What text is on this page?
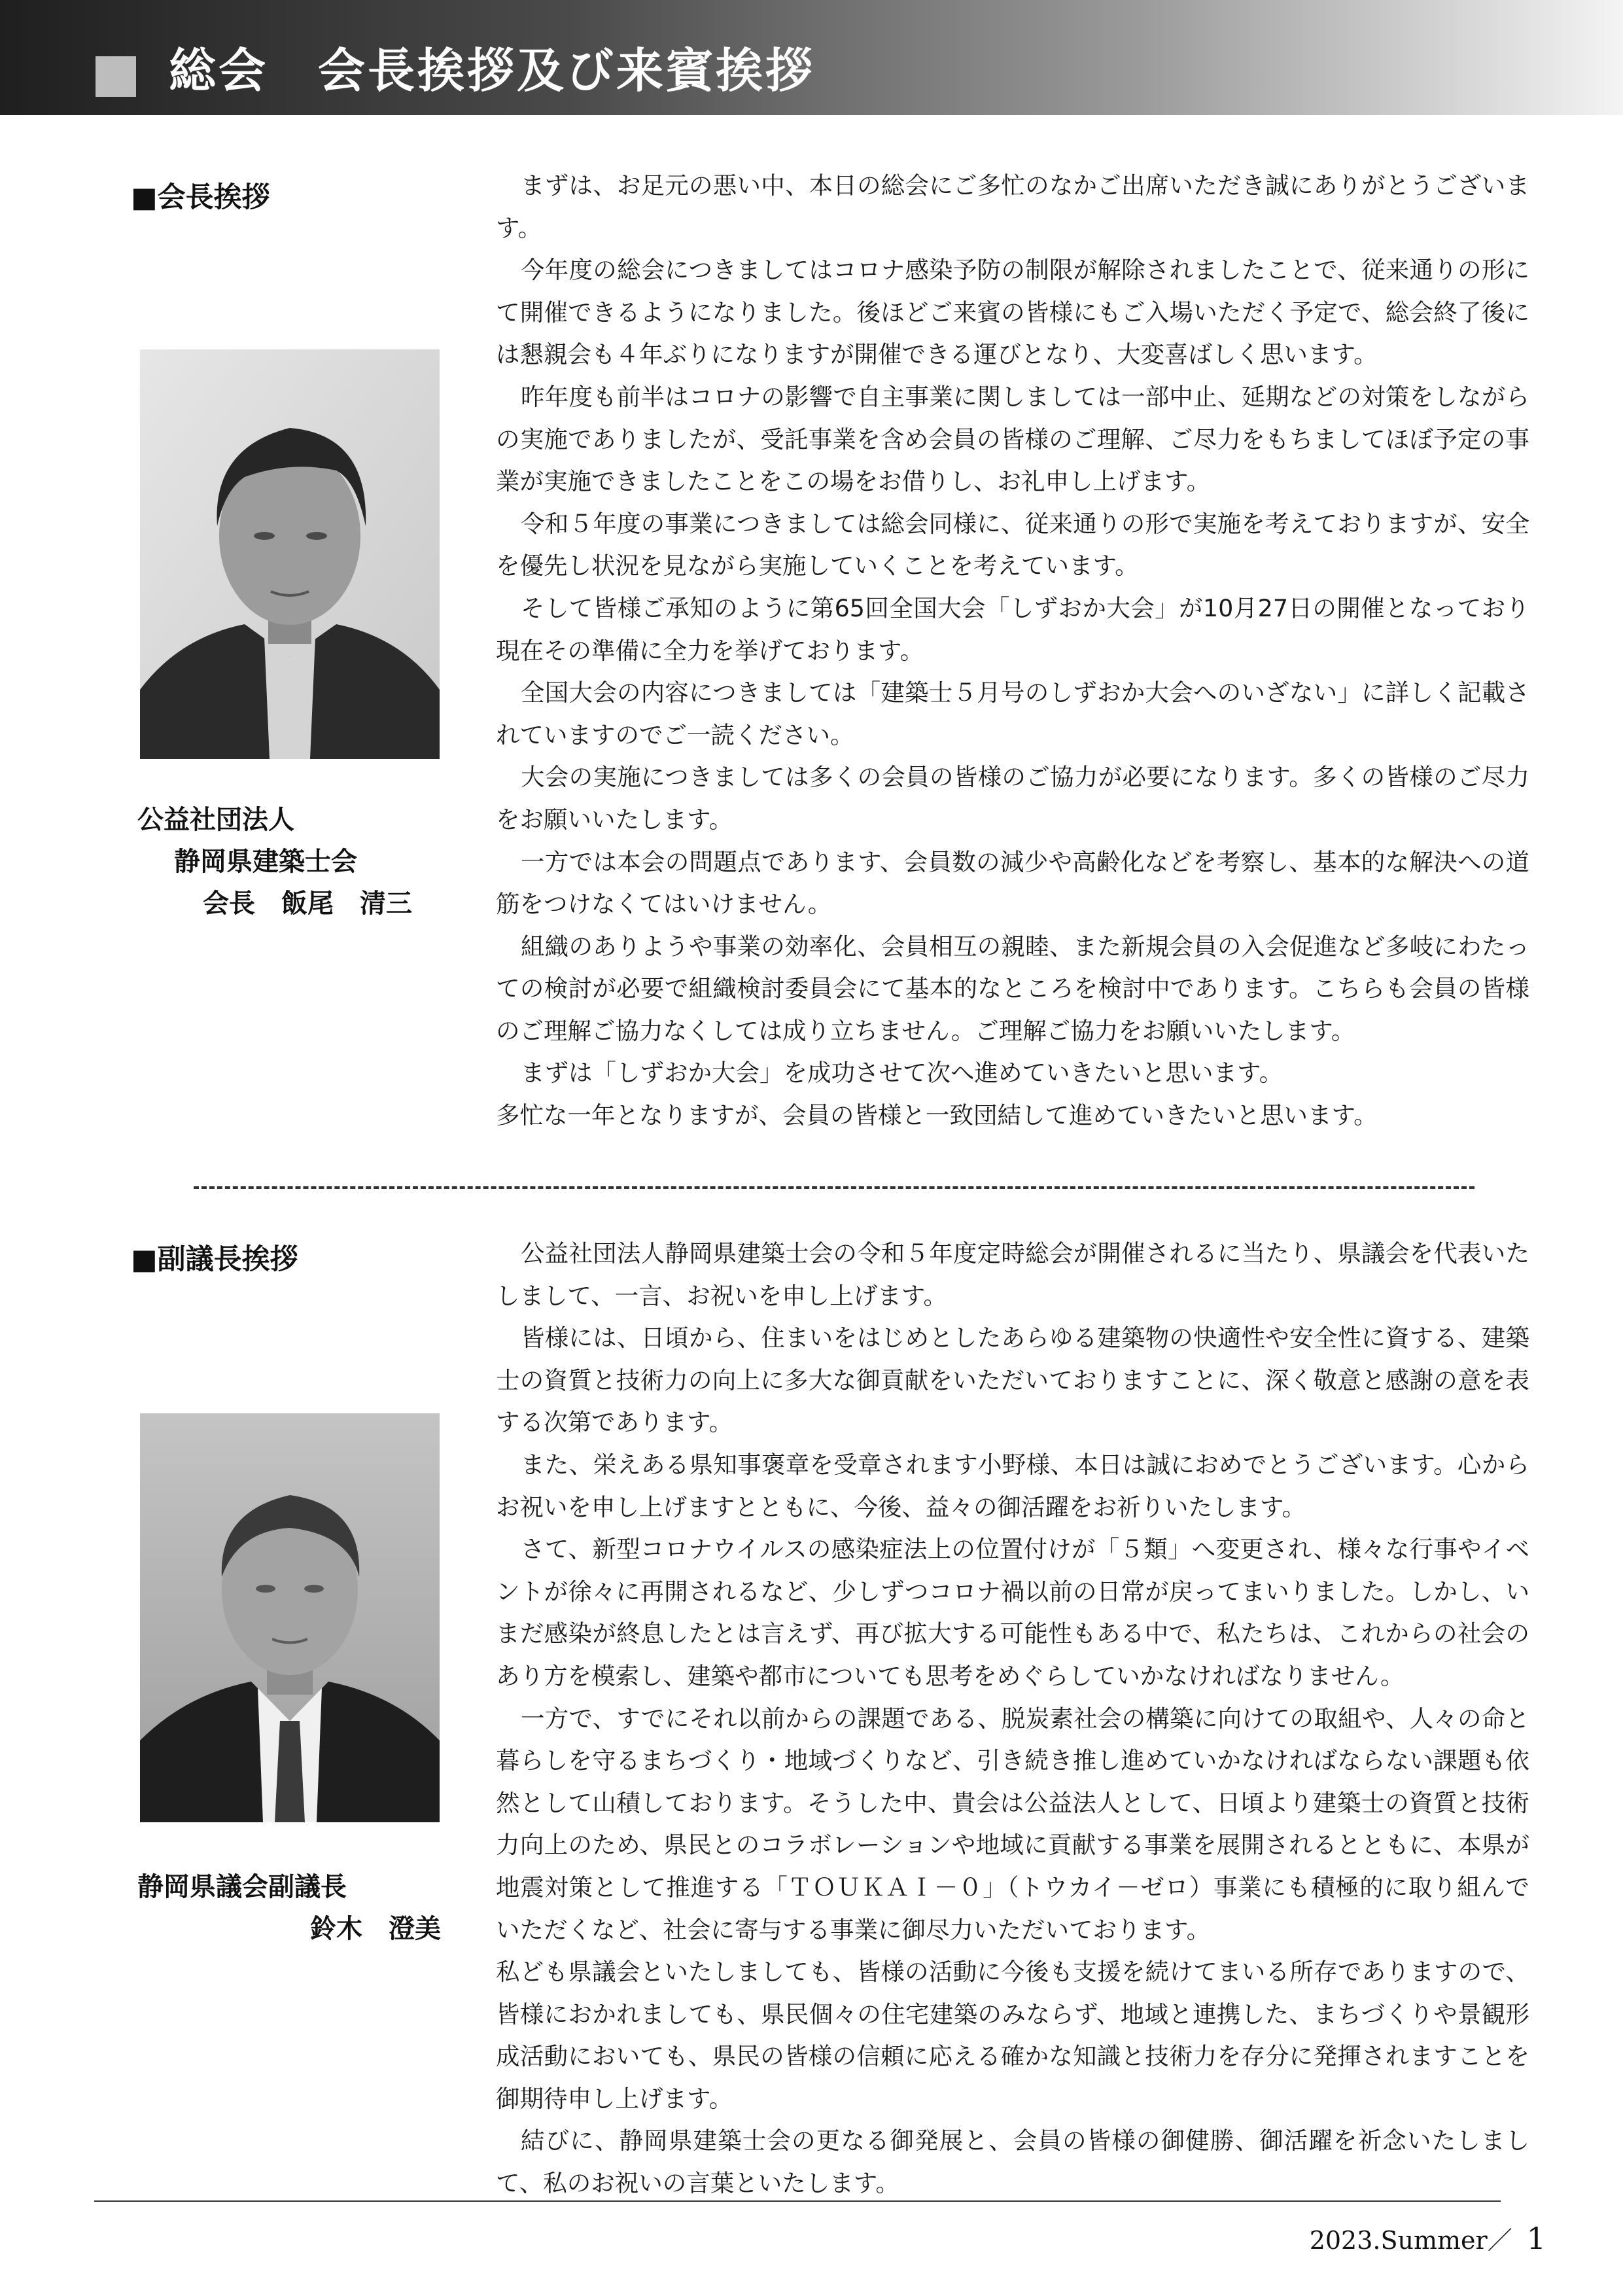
総会　会長挨拶及び来賓挨拶
■会長挨拶
公益社団法人
静岡県建築士会
会長　飯尾　清三

まずは、お足元の悪い中、本日の総会にご多忙のなかご出席いただき誠にありがとうございます。

今年度の総会につきましてはコロナ感染予防の制限が解除されましたことで、従来通りの形にて開催できるようになりました。後ほどご来賓の皆様にもご入場いただく予定で、総会終了後には懇親会も４年ぶりになりますが開催できる運びとなり、大変喜ばしく思います。

昨年度も前半はコロナの影響で自主事業に関しましては一部中止、延期などの対策をしながらの実施でありましたが、受託事業を含め会員の皆様のご理解、ご尽力をもちましてほぼ予定の事業が実施できましたことをこの場をお借りし、お礼申し上げます。

令和５年度の事業につきましては総会同様に、従来通りの形で実施を考えておりますが、安全を優先し状況を見ながら実施していくことを考えています。

そして皆様ご承知のように第65回全国大会「しずおか大会」が10月27日の開催となっており現在その準備に全力を挙げております。

全国大会の内容につきましては「建築士５月号のしずおか大会へのいざない」に詳しく記載されていますのでご一読ください。

大会の実施につきましては多くの会員の皆様のご協力が必要になります。多くの皆様のご尽力をお願いいたします。

一方では本会の問題点であります、会員数の減少や高齢化などを考察し、基本的な解決への道筋をつけなくてはいけません。

組織のありようや事業の効率化、会員相互の親睦、また新規会員の入会促進など多岐にわたっての検討が必要で組織検討委員会にて基本的なところを検討中であります。こちらも会員の皆様のご理解ご協力なくしては成り立ちません。ご理解ご協力をお願いいたします。

まずは「しずおか大会」を成功させて次へ進めていきたいと思います。

多忙な一年となりますが、会員の皆様と一致団結して進めていきたいと思います。

■副議長挨拶
静岡県議会副議長
鈴木　澄美

公益社団法人静岡県建築士会の令和５年度定時総会が開催されるに当たり、県議会を代表いたしまして、一言、お祝いを申し上げます。

皆様には、日頃から、住まいをはじめとしたあらゆる建築物の快適性や安全性に資する、建築士の資質と技術力の向上に多大な御貢献をいただいておりますことに、深く敬意と感謝の意を表する次第であります。

また、栄えある県知事褒章を受章されます小野様、本日は誠におめでとうございます。心からお祝いを申し上げますとともに、今後、益々の御活躍をお祈りいたします。

さて、新型コロナウイルスの感染症法上の位置付けが「５類」へ変更され、様々な行事やイベントが徐々に再開されるなど、少しずつコロナ禍以前の日常が戻ってまいりました。しかし、いまだ感染が終息したとは言えず、再び拡大する可能性もある中で、私たちは、これからの社会のあり方を模索し、建築や都市についても思考をめぐらしていかなければなりません。

一方で、すでにそれ以前からの課題である、脱炭素社会の構築に向けての取組や、人々の命と暮らしを守るまちづくり・地域づくりなど、引き続き推し進めていかなければならない課題も依然として山積しております。そうした中、貴会は公益法人として、日頃より建築士の資質と技術力向上のため、県民とのコラボレーションや地域に貢献する事業を展開されるとともに、本県が地震対策として推進する「ＴＯＵＫＡＩ－０」（トウカイ－ゼロ）事業にも積極的に取り組んでいただくなど、社会に寄与する事業に御尽力いただいております。

私ども県議会といたしましても、皆様の活動に今後も支援を続けてまいる所存でありますので、皆様におかれましても、県民個々の住宅建築のみならず、地域と連携した、まちづくりや景観形成活動においても、県民の皆様の信頼に応える確かな知識と技術力を存分に発揮されますことを御期待申し上げます。

結びに、静岡県建築士会の更なる御発展と、会員の皆様の御健勝、御活躍を祈念いたしまして、私のお祝いの言葉といたします。

2023.Summer／ 1
